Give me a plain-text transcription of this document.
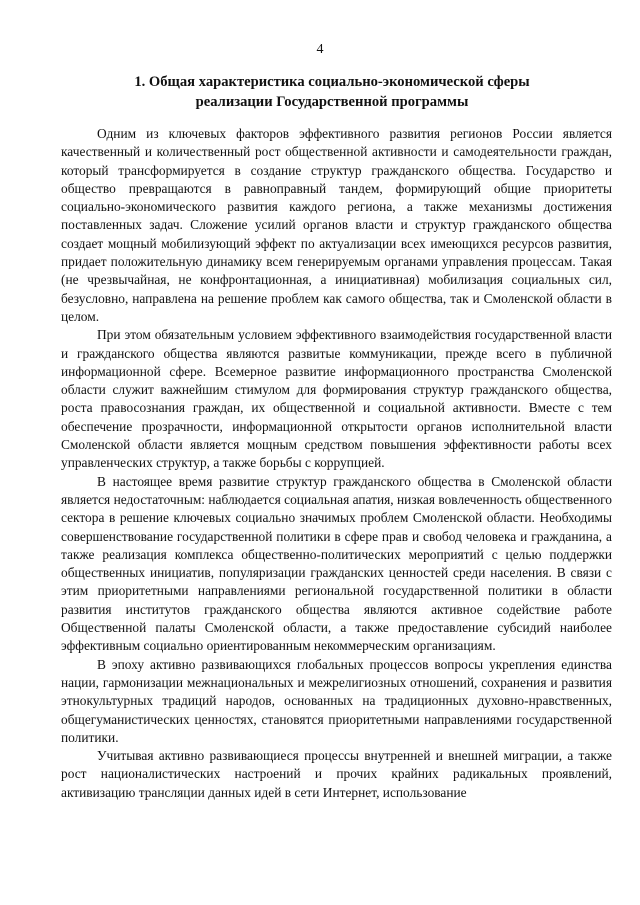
4
1. Общая характеристика социально-экономической сферы
реализации Государственной программы

Одним из ключевых факторов эффективного развития регионов России является качественный и количественный рост общественной активности и самодеятельности граждан, который трансформируется в создание структур гражданского общества. Государство и общество превращаются в равноправный тандем, формирующий общие приоритеты социально-экономического развития каждого региона, а также механизмы достижения поставленных задач. Сложение усилий органов власти и структур гражданского общества создает мощный мобилизующий эффект по актуализации всех имеющихся ресурсов развития, придает положительную динамику всем генерируемым органами управления процессам. Такая (не чрезвычайная, не конфронтационная, а инициативная) мобилизация социальных сил, безусловно, направлена на решение проблем как самого общества, так и Смоленской области в целом.

При этом обязательным условием эффективного взаимодействия государственной власти и гражданского общества являются развитые коммуникации, прежде всего в публичной информационной сфере. Всемерное развитие информационного пространства Смоленской области служит важнейшим стимулом для формирования структур гражданского общества, роста правосознания граждан, их общественной и социальной активности. Вместе с тем обеспечение прозрачности, информационной открытости органов исполнительной власти Смоленской области является мощным средством повышения эффективности работы всех управленческих структур, а также борьбы с коррупцией.

В настоящее время развитие структур гражданского общества в Смоленской области является недостаточным: наблюдается социальная апатия, низкая вовлеченность общественного сектора в решение ключевых социально значимых проблем Смоленской области. Необходимы совершенствование государственной политики в сфере прав и свобод человека и гражданина, а также реализация комплекса общественно-политических мероприятий с целью поддержки общественных инициатив, популяризации гражданских ценностей среди населения. В связи с этим приоритетными направлениями региональной государственной политики в области развития институтов гражданского общества являются активное содействие работе Общественной палаты Смоленской области, а также предоставление субсидий наиболее эффективным социально ориентированным некоммерческим организациям.

В эпоху активно развивающихся глобальных процессов вопросы укрепления единства нации, гармонизации межнациональных и межрелигиозных отношений, сохранения и развития этнокультурных традиций народов, основанных на традиционных духовно-нравственных, общегуманистических ценностях, становятся приоритетными направлениями государственной политики.

Учитывая активно развивающиеся процессы внутренней и внешней миграции, а также рост националистических настроений и прочих крайних радикальных проявлений, активизацию трансляции данных идей в сети Интернет, использование
